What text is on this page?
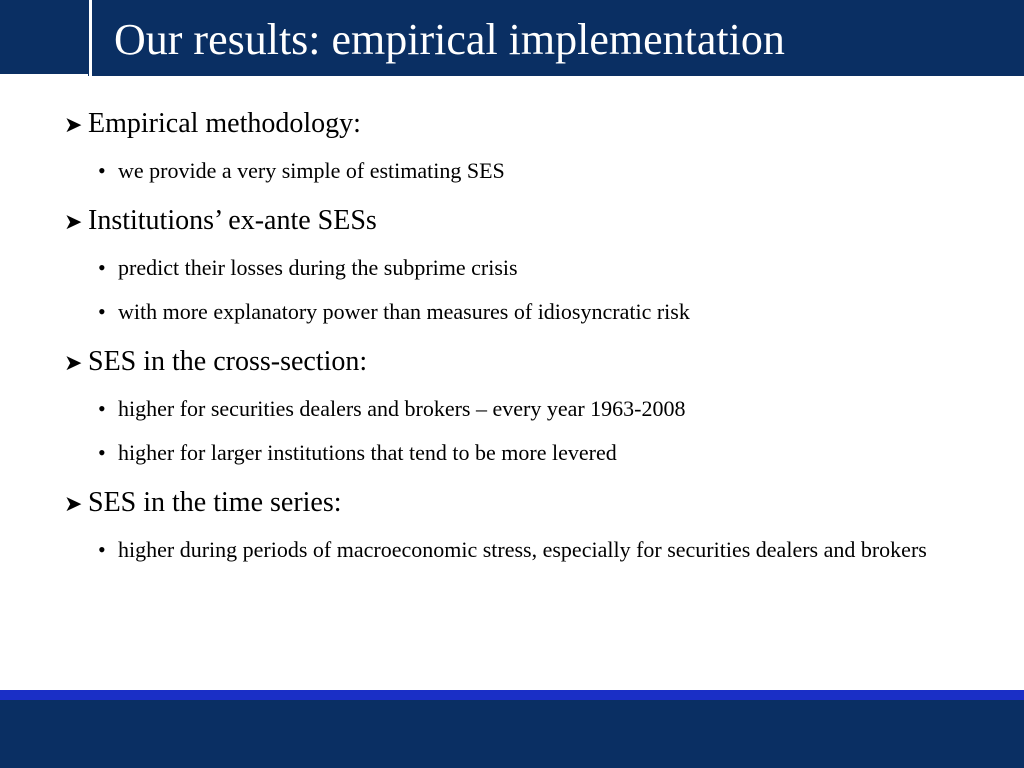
Our results: empirical implementation
➤ Empirical methodology:
• we provide a very simple of estimating SES
➤ Institutions’ ex-ante SESs
• predict their losses during the subprime crisis
• with more explanatory power than measures of idiosyncratic risk
➤ SES in the cross-section:
• higher for securities dealers and brokers – every year 1963-2008
• higher for larger institutions that tend to be more levered
➤ SES in the time series:
• higher during periods of macroeconomic stress, especially for securities dealers and brokers
